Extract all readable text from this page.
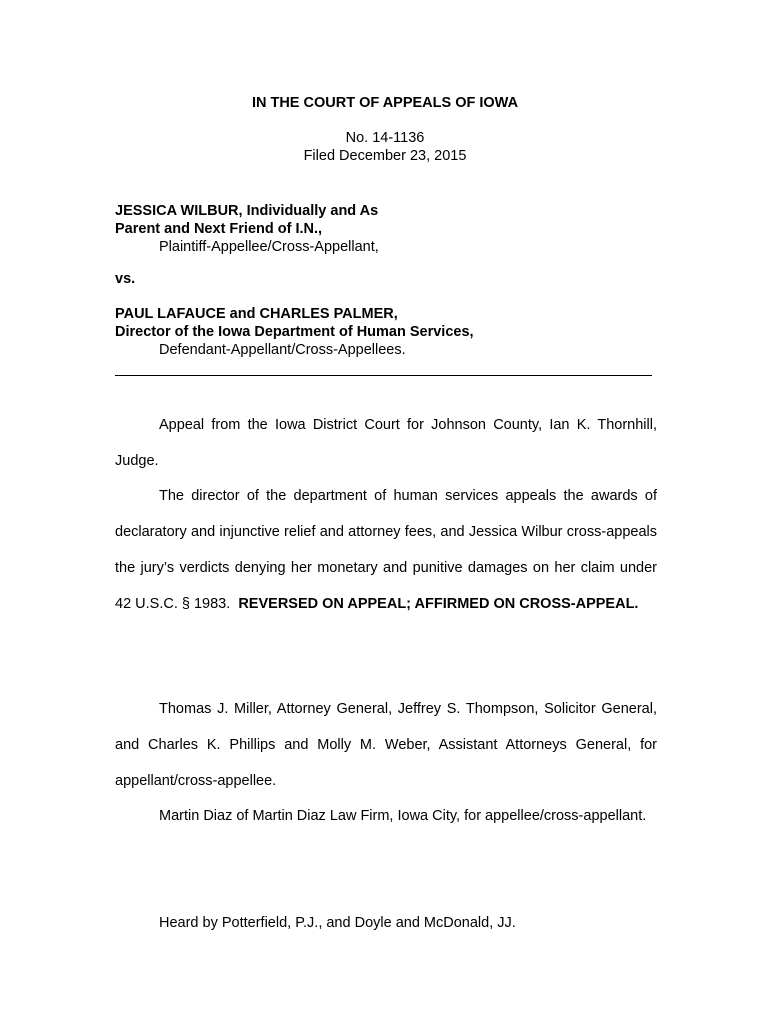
IN THE COURT OF APPEALS OF IOWA
No. 14-1136
Filed December 23, 2015
JESSICA WILBUR, Individually and As
Parent and Next Friend of I.N.,
Plaintiff-Appellee/Cross-Appellant,
vs.
PAUL LAFAUCE and CHARLES PALMER,
Director of the Iowa Department of Human Services,
Defendant-Appellant/Cross-Appellees.
Appeal from the Iowa District Court for Johnson County, Ian K. Thornhill, Judge.
The director of the department of human services appeals the awards of declaratory and injunctive relief and attorney fees, and Jessica Wilbur cross-appeals the jury’s verdicts denying her monetary and punitive damages on her claim under 42 U.S.C. § 1983. REVERSED ON APPEAL; AFFIRMED ON CROSS-APPEAL.
Thomas J. Miller, Attorney General, Jeffrey S. Thompson, Solicitor General, and Charles K. Phillips and Molly M. Weber, Assistant Attorneys General, for appellant/cross-appellee.
Martin Diaz of Martin Diaz Law Firm, Iowa City, for appellee/cross-appellant.
Heard by Potterfield, P.J., and Doyle and McDonald, JJ.
